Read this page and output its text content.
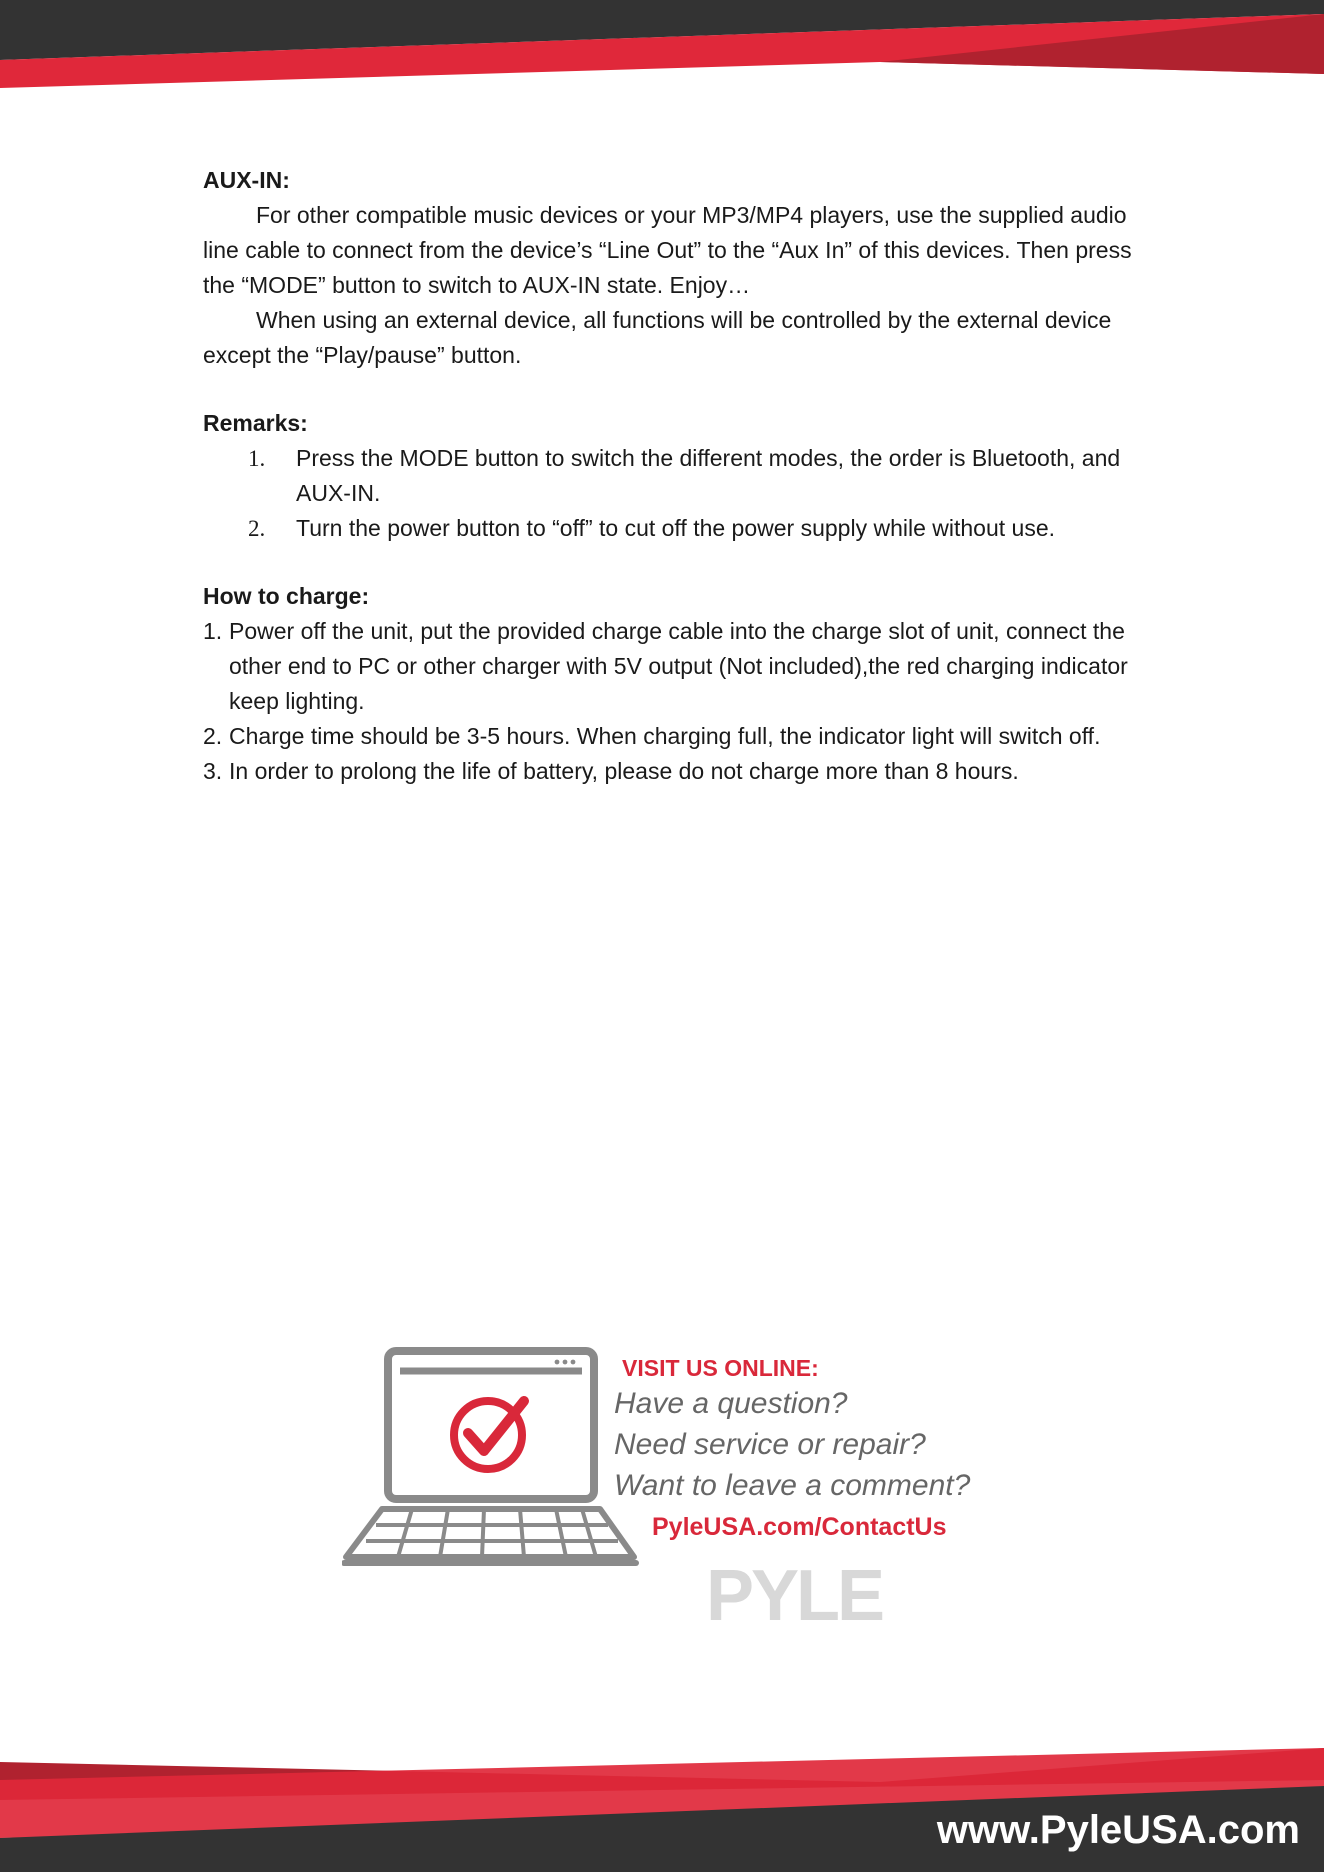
AUX-IN:

For other compatible music devices or your MP3/MP4 players, use the supplied audio line cable to connect from the device’s “Line Out” to the “Aux In” of this devices. Then press the “MODE” button to switch to AUX-IN state. Enjoy…

When using an external device, all functions will be controlled by the external device except the “Play/pause” button.

Remarks:

1. Press the MODE button to switch the different modes, the order is Bluetooth, and AUX-IN.
2. Turn the power button to “off” to cut off the power supply while without use.

How to charge:

1. Power off the unit, put the provided charge cable into the charge slot of unit, connect the other end to PC or other charger with 5V output (Not included),the red charging indicator keep lighting.
2. Charge time should be 3-5 hours. When charging full, the indicator light will switch off.
3. In order to prolong the life of battery, please do not charge more than 8 hours.
VISIT US ONLINE:
Have a question?
Need service or repair?
Want to leave a comment?
PyleUSA.com/ContactUs
PYLE
www.PyleUSA.com
